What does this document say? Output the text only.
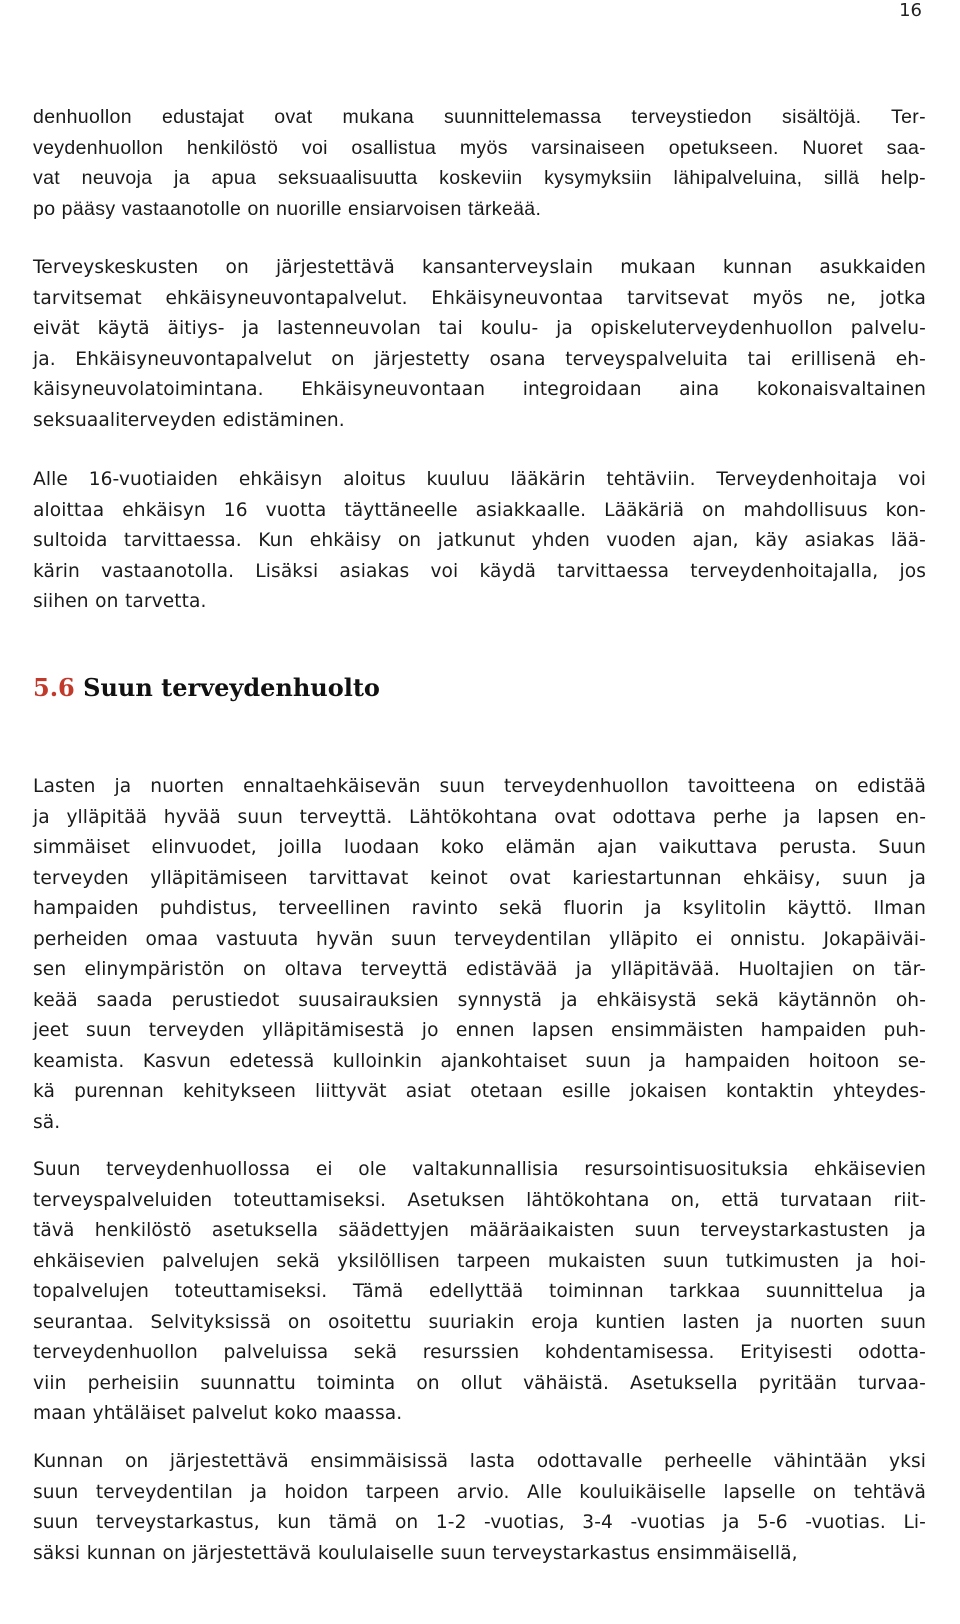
16

denhuollon edustajat ovat mukana suunnittelemassa terveystiedon sisältöjä. Ter-
veydenhuollon henkilöstö voi osallistua myös varsinaiseen opetukseen. Nuoret saa-
vat neuvoja ja apua seksuaalisuutta koskeviin kysymyksiin lähipalveluina, sillä help-
po pääsy vastaanotolle on nuorille ensiarvoisen tärkeää.

Terveyskeskusten on järjestettävä kansanterveyslain mukaan kunnan asukkaiden
tarvitsemat ehkäisyneuvontapalvelut. Ehkäisyneuvontaa tarvitsevat myös ne, jotka
eivät käytä äitiys- ja lastenneuvolan tai koulu- ja opiskeluterveydenhuollon palvelu-
ja. Ehkäisyneuvontapalvelut on järjestetty osana terveyspalveluita tai erillisenä eh-
käisyneuvolatoimintana. Ehkäisyneuvontaan integroidaan aina kokonaisvaltainen
seksuaaliterveyden edistäminen.

Alle 16-vuotiaiden ehkäisyn aloitus kuuluu lääkärin tehtäviin. Terveydenhoitaja voi
aloittaa ehkäisyn 16 vuotta täyttäneelle asiakkaalle. Lääkäriä on mahdollisuus kon-
sultoida tarvittaessa. Kun ehkäisy on jatkunut yhden vuoden ajan, käy asiakas lää-
kärin vastaanotolla. Lisäksi asiakas voi käydä tarvittaessa terveydenhoitajalla, jos
siihen on tarvetta.

5.6 Suun terveydenhuolto

Lasten ja nuorten ennaltaehkäisevän suun terveydenhuollon tavoitteena on edistää
ja ylläpitää hyvää suun terveyttä. Lähtökohtana ovat odottava perhe ja lapsen en-
simmäiset elinvuodet, joilla luodaan koko elämän ajan vaikuttava perusta. Suun
terveyden ylläpitämiseen tarvittavat keinot ovat kariestartunnan ehkäisy, suun ja
hampaiden puhdistus, terveellinen ravinto sekä fluorin ja ksylitolin käyttö. Ilman
perheiden omaa vastuuta hyvän suun terveydentilan ylläpito ei onnistu. Jokapäiväi-
sen elinympäristön on oltava terveyttä edistävää ja ylläpitävää. Huoltajien on tär-
keää saada perustiedot suusairauksien synnystä ja ehkäisystä sekä käytännön oh-
jeet suun terveyden ylläpitämisestä jo ennen lapsen ensimmäisten hampaiden puh-
keamista. Kasvun edetessä kulloinkin ajankohtaiset suun ja hampaiden hoitoon se-
kä purennan kehitykseen liittyvät asiat otetaan esille jokaisen kontaktin yhteydes-
sä.

Suun terveydenhuollossa ei ole valtakunnallisia resursointisuosituksia ehkäisevien
terveyspalveluiden toteuttamiseksi. Asetuksen lähtökohtana on, että turvataan riit-
tävä henkilöstö asetuksella säädettyjen määräaikaisten suun terveystarkastusten ja
ehkäisevien palvelujen sekä yksilöllisen tarpeen mukaisten suun tutkimusten ja hoi-
topalvelujen toteuttamiseksi. Tämä edellyttää toiminnan tarkkaa suunnittelua ja
seurantaa. Selvityksissä on osoitettu suuriakin eroja kuntien lasten ja nuorten suun
terveydenhuollon palveluissa sekä resurssien kohdentamisessa. Erityisesti odotta-
viin perheisiin suunnattu toiminta on ollut vähäistä. Asetuksella pyritään turvaa-
maan yhtäläiset palvelut koko maassa.

Kunnan on järjestettävä ensimmäisissä lasta odottavalle perheelle vähintään yksi
suun terveydentilan ja hoidon tarpeen arvio. Alle kouluikäiselle lapselle on tehtävä
suun terveystarkastus, kun tämä on 1-2 -vuotias, 3-4 -vuotias ja 5-6 -vuotias. Li-
säksi kunnan on järjestettävä koululaiselle suun terveystarkastus ensimmäisellä,
